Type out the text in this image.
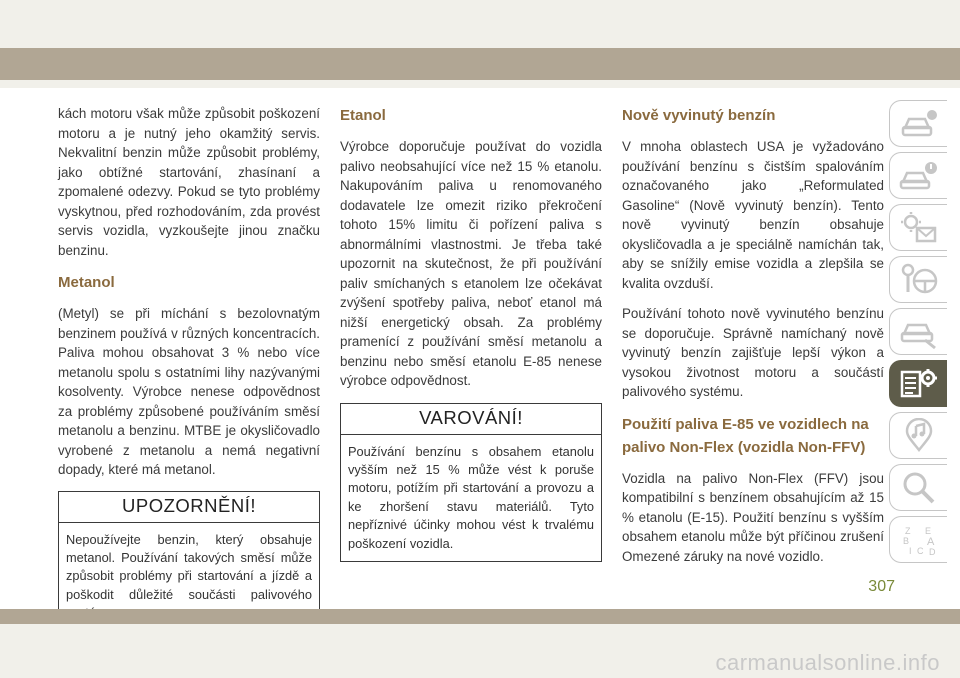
kách motoru však může způsobit poškození motoru a je nutný jeho okamžitý servis. Nekvalitní benzin může způsobit problémy, jako obtížné startování, zhasínaní a zpomalené odezvy. Pokud se tyto problémy vyskytnou, před rozhodováním, zda provést servis vozidla, vyzkoušejte jinou značku benzinu.

Metanol

(Metyl) se při míchání s bezolovnatým benzinem používá v různých koncentracích. Paliva mohou obsahovat 3 % nebo více metanolu spolu s ostatními lihy nazývanými kosolventy. Výrobce nenese odpovědnost za problémy způsobené používáním směsí metanolu a benzinu. MTBE je okysličovadlo vyrobené z metanolu a nemá negativní dopady, které má metanol.

UPOZORNĚNÍ!
Nepoužívejte benzin, který obsahuje metanol. Používání takových směsí může způsobit problémy při startování a jízdě a poškodit důležité součásti palivového
Etanol

Výrobce doporučuje používat do vozidla palivo neobsahující více než 15 % etanolu. Nakupováním paliva u renomovaného dodavatele lze omezit riziko překročení tohoto 15% limitu či pořízení paliva s abnormálními vlastnostmi. Je třeba také upozornit na skutečnost, že při používání paliv smíchaných s etanolem lze očekávat zvýšení spotřeby paliva, neboť etanol má nižší energetický obsah. Za problémy pramenící z používání směsí metanolu a benzinu nebo směsí etanolu E-85 nenese výrobce odpovědnost.

VAROVÁNÍ!
Používání benzínu s obsahem etanolu vyšším než 15 % může vést k poruše motoru, potížím při startování a provozu a ke zhoršení stavu materiálů. Tyto nepříznivé účinky mohou vést k trvalému poškození vozidla.
Nově vyvinutý benzín

V mnoha oblastech USA je vyžadováno používání benzínu s čistším spalováním označovaného jako „Reformulated Gasoline“ (Nově vyvinutý benzín). Tento nově vyvinutý benzín obsahuje okysličovadla a je speciálně namíchán tak, aby se snížily emise vozidla a zlepšila se kvalita ovzduší.

Používání tohoto nově vyvinutého benzínu se doporučuje. Správně namíchaný nově vyvinutý benzín zajišťuje lepší výkon a vysokou životnost motoru a součástí palivového systému.

Použití paliva E-85 ve vozidlech na palivo Non-Flex (vozidla Non-FFV)

Vozidla na palivo Non-Flex (FFV) jsou kompatibilní s benzínem obsahujícím až 15 % etanolu (E-15). Použití benzínu s vyšším obsahem etanolu může být příčinou zrušení Omezené záruky na nové vozidlo.

Z E
B A
I C D
307
carmanualsonline.info
